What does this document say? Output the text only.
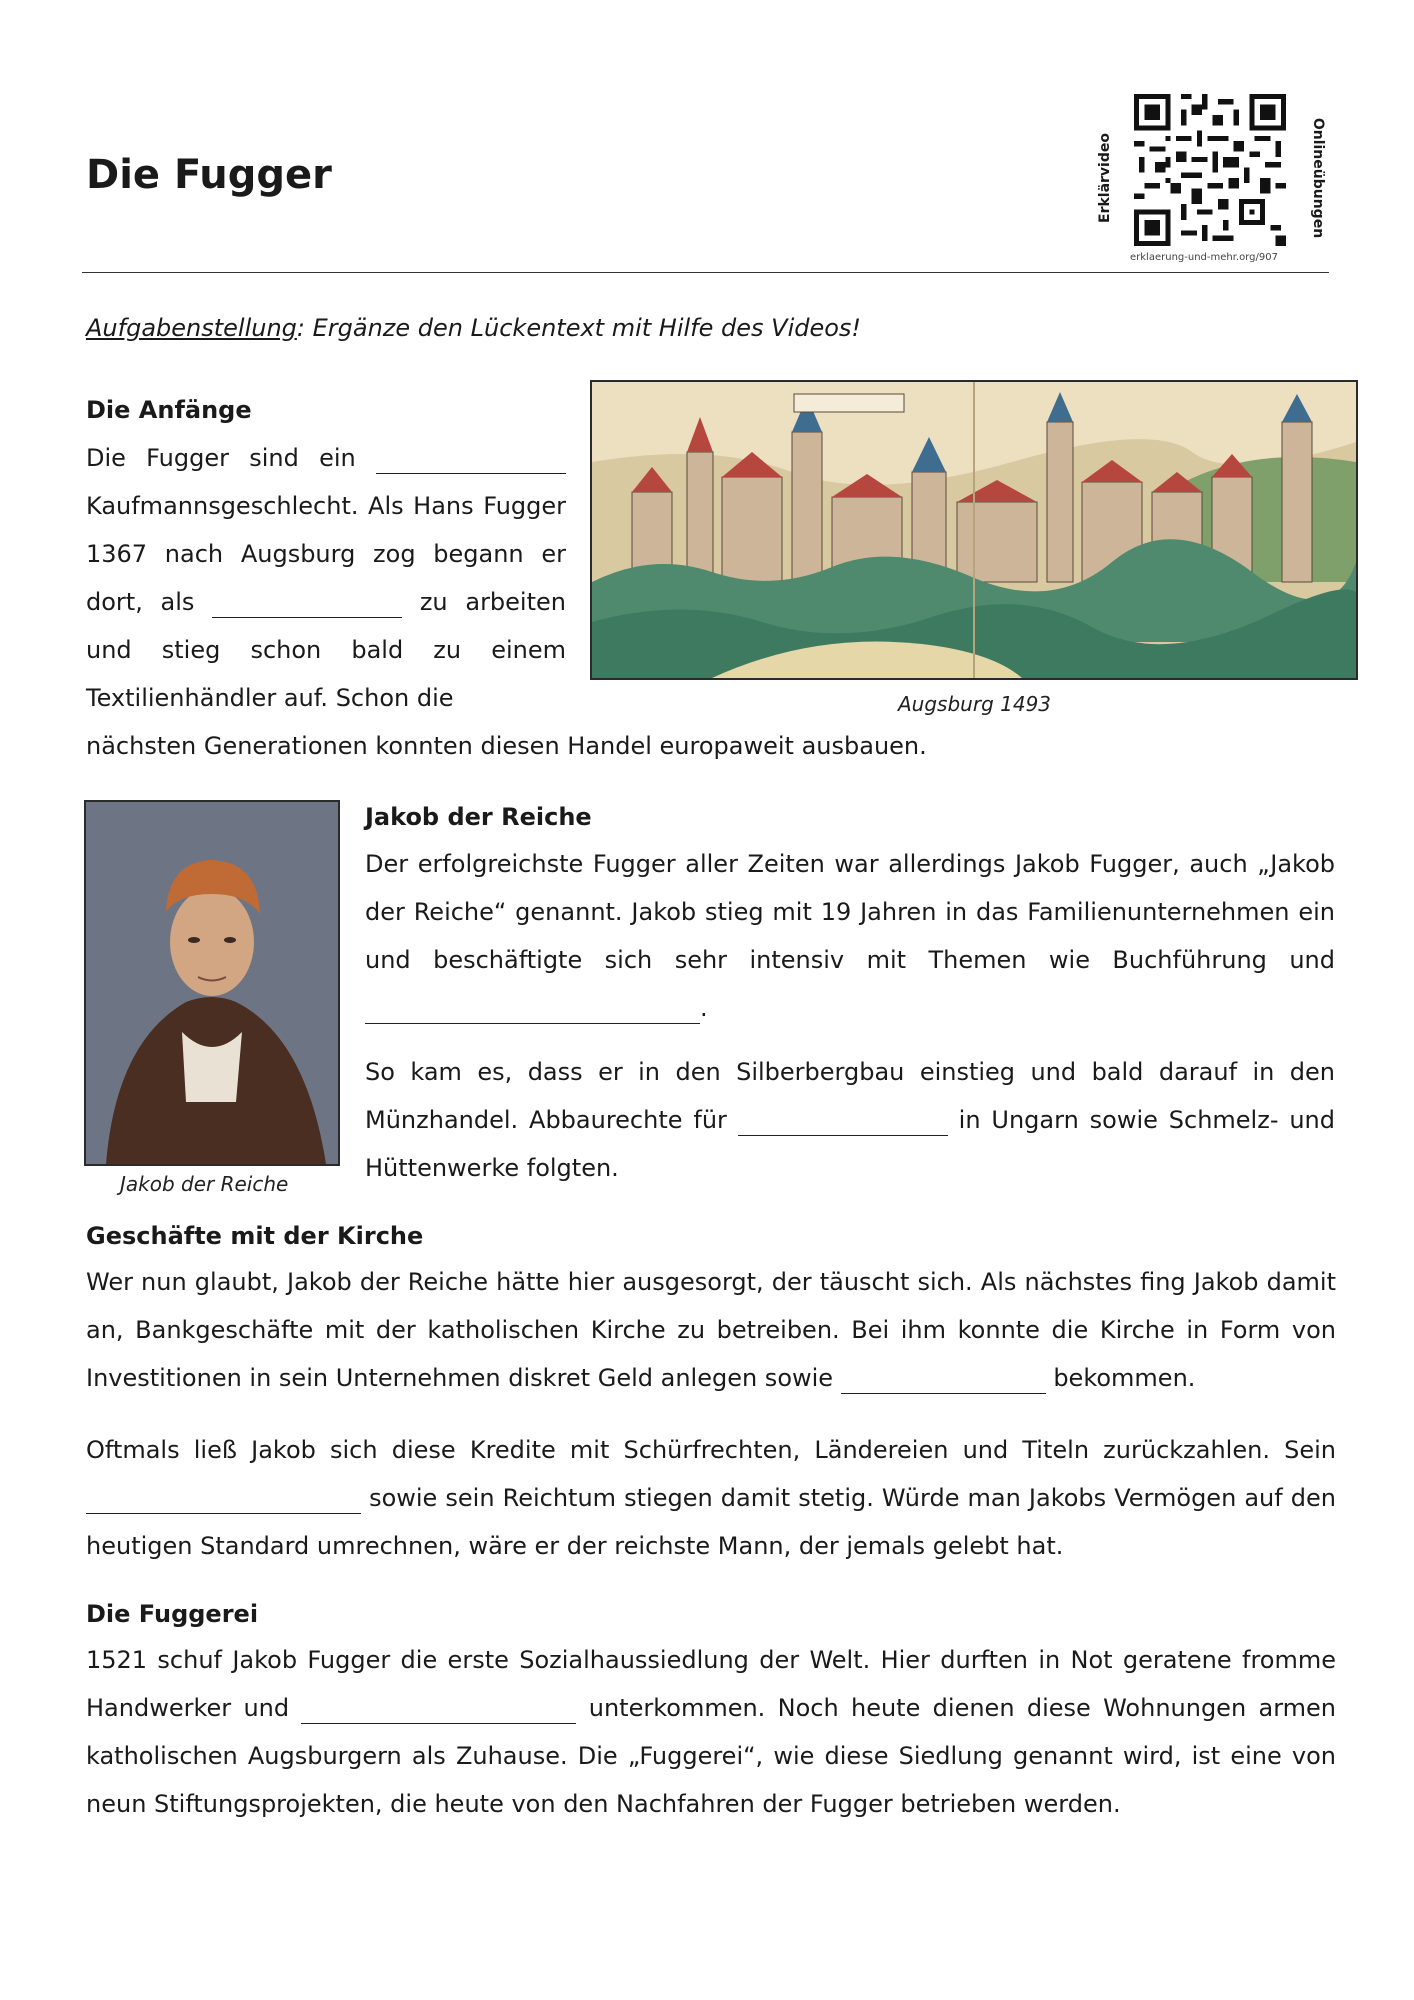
Die Fugger	Erklärvideo	Onlineübungen
erklaerung-und-mehr.org/907

Aufgabenstellung: Ergänze den Lückentext mit Hilfe des Videos!

Die Anfänge

Die Fugger sind ein  Kaufmannsgeschlecht. Als Hans Fugger 1367 nach Augsburg zog begann er dort, als	zu arbeiten und stieg schon bald zu einem Textilienhändler auf. Schon die

nächsten Generationen konnten diesen Handel europaweit ausbauen.

Augsburg 1493

Jakob der Reiche

Jakob der Reiche

Der erfolgreichste Fugger aller Zeiten war allerdings Jakob Fugger, auch „Jakob der Reiche“ genannt. Jakob stieg mit 19 Jahren in das Familienunternehmen ein und beschäftigte sich sehr intensiv mit Themen wie Buchführung und .

So kam es, dass er in den Silberbergbau einstieg und bald darauf in den Münzhandel. Abbaurechte für	in Ungarn sowie Schmelz- und Hüttenwerke folgten.

Geschäfte mit der Kirche

Wer nun glaubt, Jakob der Reiche hätte hier ausgesorgt, der täuscht sich. Als nächstes fing Jakob damit an, Bankgeschäfte mit der katholischen Kirche zu betreiben. Bei ihm konnte die Kirche in Form von Investitionen in sein Unternehmen diskret Geld anlegen sowie	bekommen.

Oftmals ließ Jakob sich diese Kredite mit Schürfrechten, Ländereien und Titeln zurückzahlen. Sein  sowie sein Reichtum stiegen damit stetig. Würde man Jakobs Vermögen auf den heutigen Standard umrechnen, wäre er der reichste Mann, der jemals gelebt hat.

Die Fuggerei

1521 schuf Jakob Fugger die erste Sozialhaussiedlung der Welt. Hier durften in Not geratene fromme Handwerker und	unterkommen. Noch heute dienen diese Wohnungen armen katholischen Augsburgern als Zuhause. Die „Fuggerei“, wie diese Siedlung genannt wird, ist eine von neun Stiftungsprojekten, die heute von den Nachfahren der Fugger betrieben werden.
